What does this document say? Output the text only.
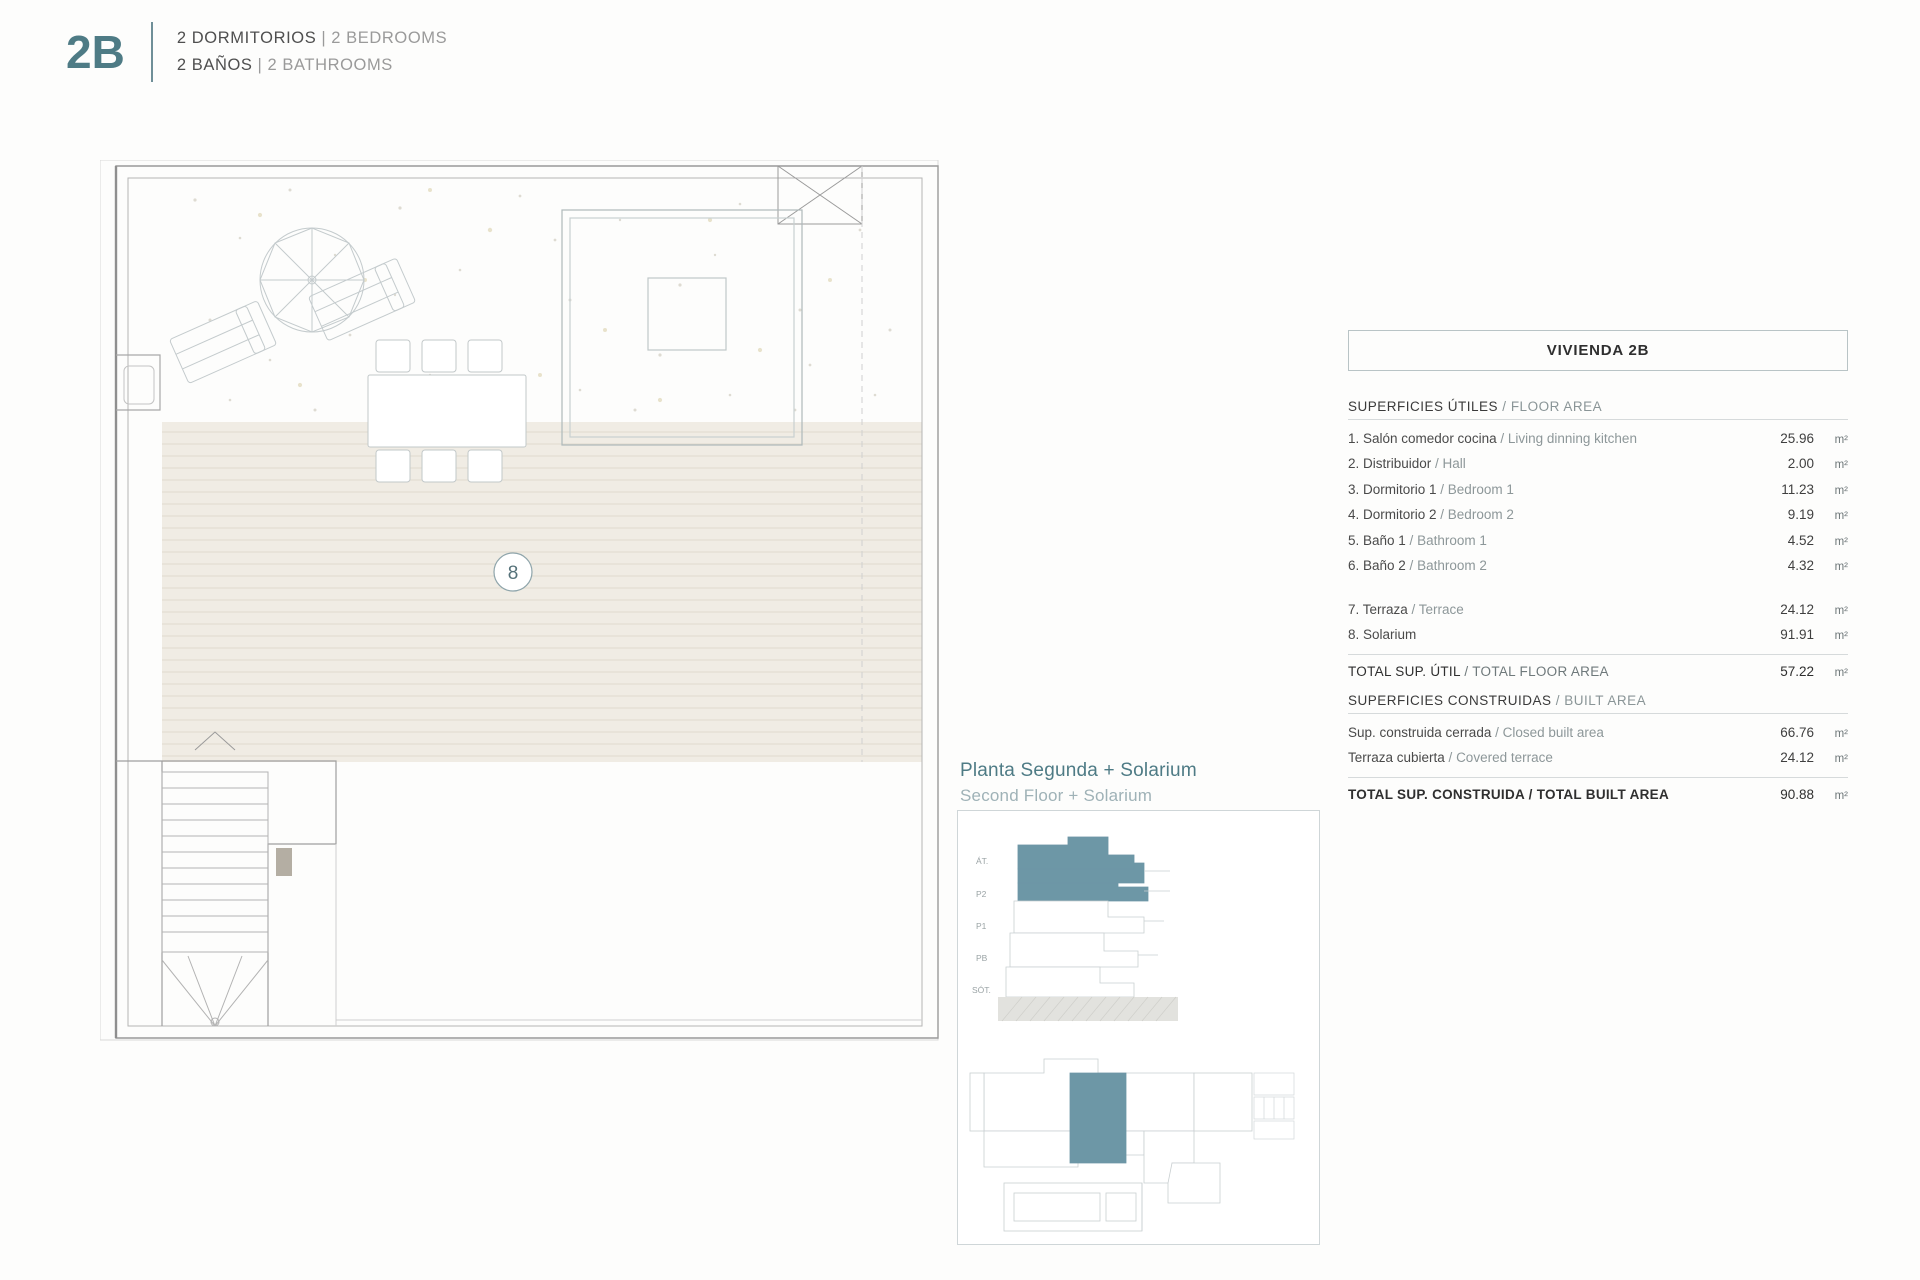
2B	2 DORMITORIOS | 2 BEDROOMS
2 BAÑOS | 2 BATHROOMS
8
Planta Segunda + Solarium
Second Floor + Solarium
ÁT.
P2
P1
PB
SÓT.
VIVIENDA 2B
SUPERFICIES ÚTILES / FLOOR AREA
1. Salón comedor cocina / Living dinning kitchen	25.96	m²
2. Distribuidor / Hall	2.00	m²
3. Dormitorio 1 / Bedroom 1	11.23	m²
4. Dormitorio 2 / Bedroom 2	9.19	m²
5. Baño 1 / Bathroom 1	4.52	m²
6. Baño 2 / Bathroom 2	4.32	m²
7. Terraza / Terrace	24.12	m²
8. Solarium	91.91	m²
TOTAL SUP. ÚTIL / TOTAL FLOOR AREA	57.22	m²
SUPERFICIES CONSTRUIDAS / BUILT AREA
Sup. construida cerrada / Closed built area	66.76	m²
Terraza cubierta / Covered terrace	24.12	m²
TOTAL SUP. CONSTRUIDA / TOTAL BUILT AREA	90.88	m²
